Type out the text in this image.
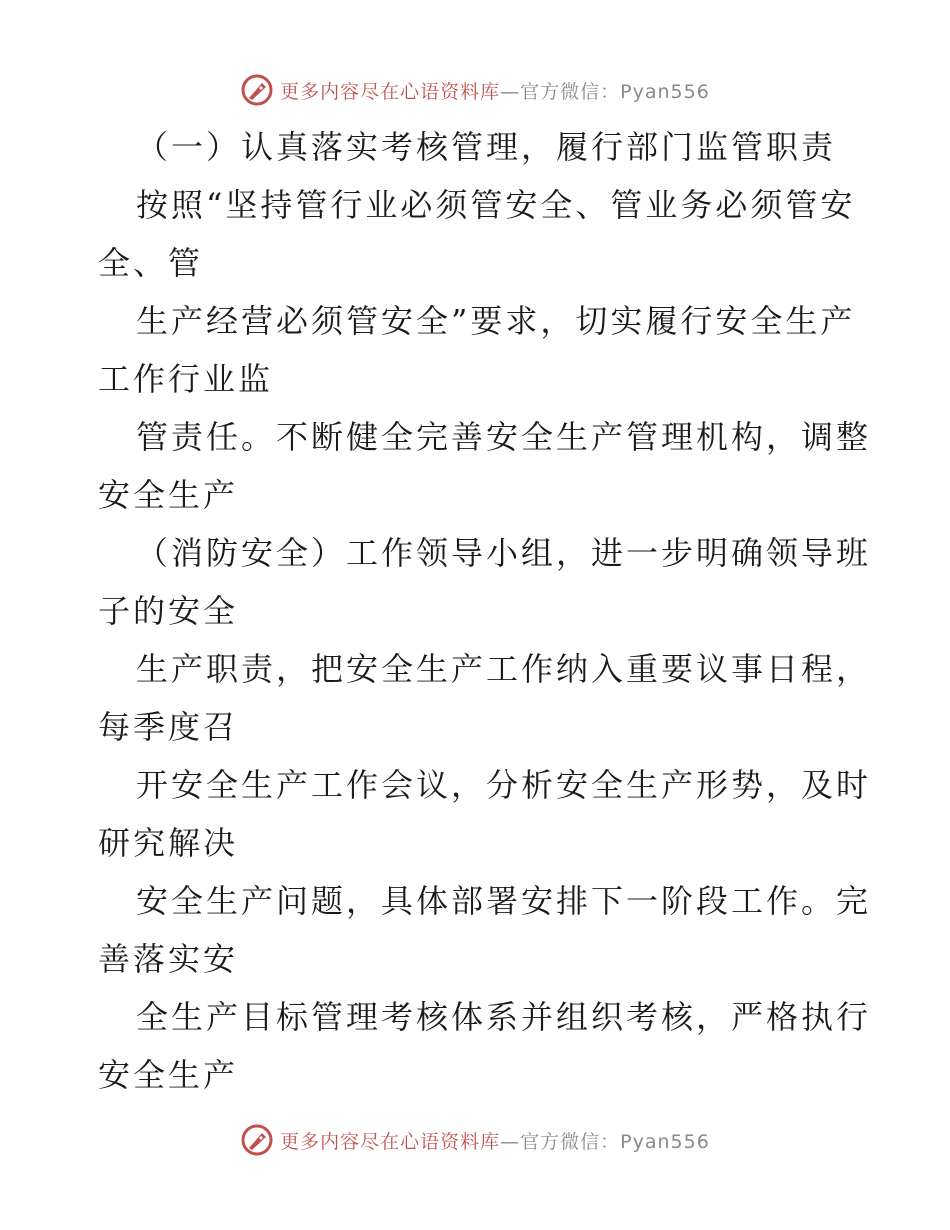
更多内容尽在心语资料库—官方微信：Pyan556
（一）认真落实考核管理，履行部门监管职责
按照“坚持管行业必须管安全、管业务必须管安
全、管
生产经营必须管安全”要求，切实履行安全生产
工作行业监
管责任。不断健全完善安全生产管理机构，调整
安全生产
（消防安全）工作领导小组，进一步明确领导班
子的安全
生产职责，把安全生产工作纳入重要议事日程，
每季度召
开安全生产工作会议，分析安全生产形势，及时
研究解决
安全生产问题，具体部署安排下一阶段工作。完
善落实安
全生产目标管理考核体系并组织考核，严格执行
安全生产
更多内容尽在心语资料库—官方微信：Pyan556
